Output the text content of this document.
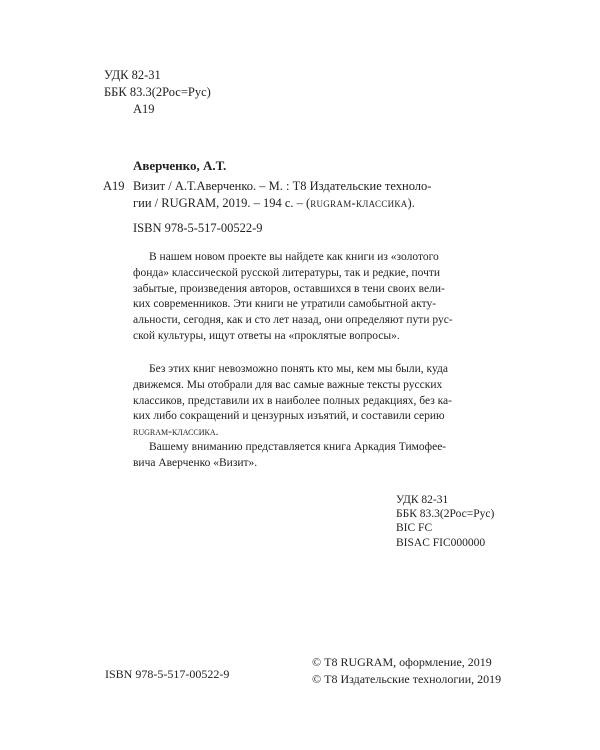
УДК 82-31
ББК 83.3(2Рос=Рус)
А19
Аверченко, А.Т.
А19 Визит / А.Т.Аверченко. – М. : Т8 Издательские техноло-
гии / RUGRAM, 2019. – 194 с. – (rugram-классика).
ISBN 978-5-517-00522-9
В нашем новом проекте вы найдете как книги из «золотого
фонда» классической русской литературы, так и редкие, почти
забытые, произведения авторов, оставшихся в тени своих вели-
ких современников. Эти книги не утратили самобытной акту-
альности, сегодня, как и сто лет назад, они определяют пути рус-
ской культуры, ищут ответы на «проклятые вопросы».
Без этих книг невозможно понять кто мы, кем мы были, куда
движемся. Мы отобрали для вас самые важные тексты русских
классиков, представили их в наиболее полных редакциях, без ка-
ких либо сокращений и цензурных изъятий, и составили серию
rugram-классика.
Вашему вниманию представляется книга Аркадия Тимофее-
вича Аверченко «Визит».
УДК 82-31
ББК 83.3(2Рос=Рус)
BIC FC
BISAC FIC000000
ISBN 978-5-517-00522-9
© Т8 RUGRAM, оформление, 2019
© Т8 Издательские технологии, 2019
